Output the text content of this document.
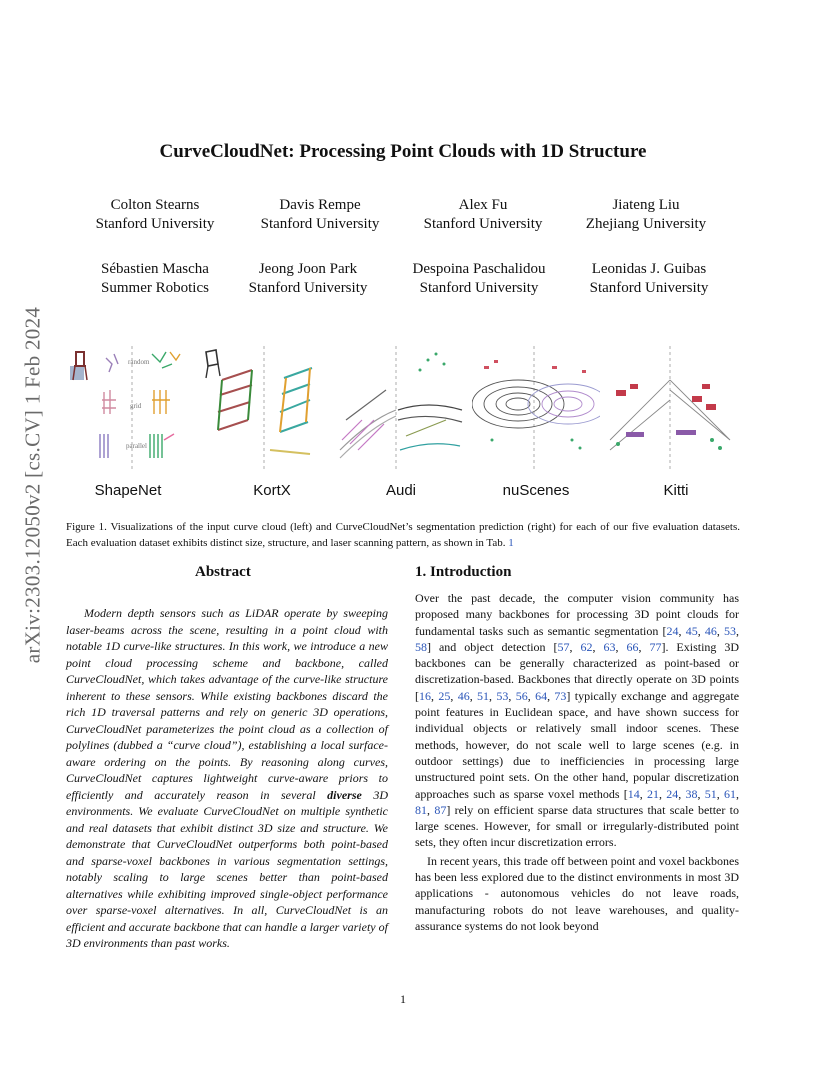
arXiv:2303.12050v2 [cs.CV] 1 Feb 2024
CurveCloudNet: Processing Point Clouds with 1D Structure
Colton Stearns
Stanford University
Davis Rempe
Stanford University
Alex Fu
Stanford University
Jiateng Liu
Zhejiang University
Sébastien Mascha
Summer Robotics
Jeong Joon Park
Stanford University
Despoina Paschalidou
Stanford University
Leonidas J. Guibas
Stanford University
random
grid
parallel
ShapeNet	KortX	Audi	nuScenes	Kitti
Figure 1. Visualizations of the input curve cloud (left) and CurveCloudNet’s segmentation prediction (right) for each of our five evaluation datasets. Each evaluation dataset exhibits distinct size, structure, and laser scanning pattern, as shown in Tab. 1
Abstract

Modern depth sensors such as LiDAR operate by sweeping laser-beams across the scene, resulting in a point cloud with notable 1D curve-like structures. In this work, we introduce a new point cloud processing scheme and backbone, called CurveCloudNet, which takes advantage of the curve-like structure inherent to these sensors. While existing backbones discard the rich 1D traversal patterns and rely on generic 3D operations, CurveCloudNet parameterizes the point cloud as a collection of polylines (dubbed a “curve cloud”), establishing a local surface-aware ordering on the points. By reasoning along curves, CurveCloudNet captures lightweight curve-aware priors to efficiently and accurately reason in several diverse 3D environments. We evaluate CurveCloudNet on multiple synthetic and real datasets that exhibit distinct 3D size and structure. We demonstrate that CurveCloudNet outperforms both point-based and sparse-voxel backbones in various segmentation settings, notably scaling to large scenes better than point-based alternatives while exhibiting improved single-object performance over sparse-voxel alternatives. In all, CurveCloudNet is an efficient and accurate backbone that can handle a larger variety of 3D environments than past works.

1. Introduction

Over the past decade, the computer vision community has proposed many backbones for processing 3D point clouds for fundamental tasks such as semantic segmentation [24, 45, 46, 53, 58] and object detection [57, 62, 63, 66, 77]. Existing 3D backbones can be generally characterized as point-based or discretization-based. Backbones that directly operate on 3D points [16, 25, 46, 51, 53, 56, 64, 73] typically exchange and aggregate point features in Euclidean space, and have shown success for individual objects or relatively small indoor scenes. These methods, however, do not scale well to large scenes (e.g. in outdoor settings) due to inefficiencies in processing large unstructured point sets. On the other hand, popular discretization approaches such as sparse voxel methods [14, 21, 24, 38, 51, 61, 81, 87] rely on efficient sparse data structures that scale better to large scenes. However, for small or irregularly-distributed point sets, they often incur discretization errors.

In recent years, this trade off between point and voxel backbones has been less explored due to the distinct environments in most 3D applications - autonomous vehicles do not leave roads, manufacturing robots do not leave warehouses, and quality-assurance systems do not look beyond

1
